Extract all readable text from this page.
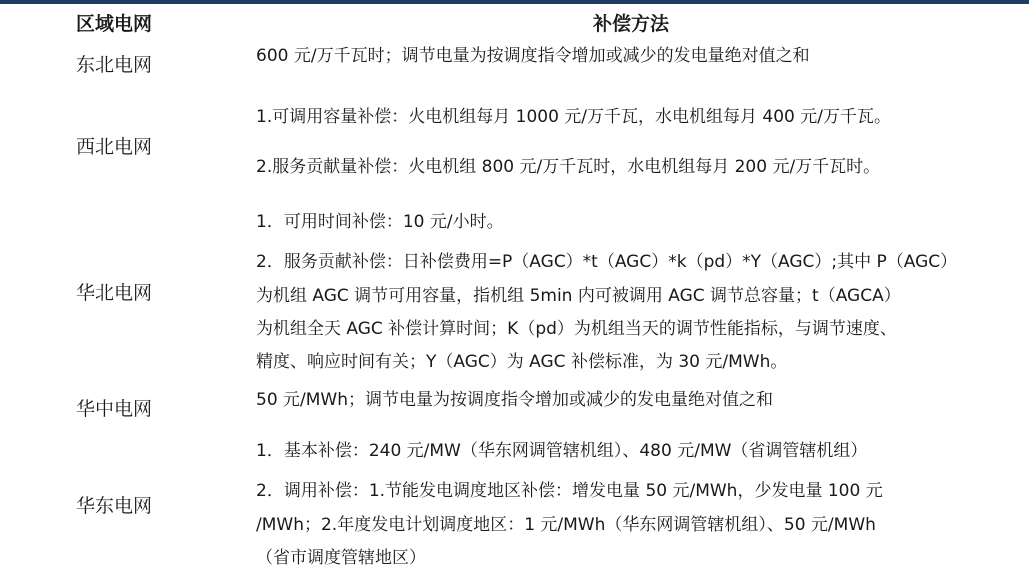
区域电网	补偿方法
东北电网	600 元/万千瓦时；调节电量为按调度指令增加或减少的发电量绝对值之和
西北电网
1.可调用容量补偿：火电机组每月 1000 元/万千瓦，水电机组每月 400 元/万千瓦。
2.服务贡献量补偿：火电机组 800 元/万千瓦时，水电机组每月 200 元/万千瓦时。
华北电网
1．可用时间补偿：10 元/小时。
2．服务贡献补偿：日补偿费用=P（AGC）*t（AGC）*k（pd）*Y（AGC）;其中 P（AGC）
为机组 AGC 调节可用容量，指机组 5min 内可被调用 AGC 调节总容量；t（AGCA）
为机组全天 AGC 补偿计算时间；K（pd）为机组当天的调节性能指标，与调节速度、
精度、响应时间有关；Y（AGC）为 AGC 补偿标准，为 30 元/MWh。
华中电网	50 元/MWh；调节电量为按调度指令增加或减少的发电量绝对值之和
华东电网
1．基本补偿：240 元/MW（华东网调管辖机组）、480 元/MW（省调管辖机组）
2．调用补偿：1.节能发电调度地区补偿：增发电量 50 元/MWh，少发电量 100 元
/MWh；2.年度发电计划调度地区：1 元/MWh（华东网调管辖机组）、50 元/MWh
（省市调度管辖地区）
